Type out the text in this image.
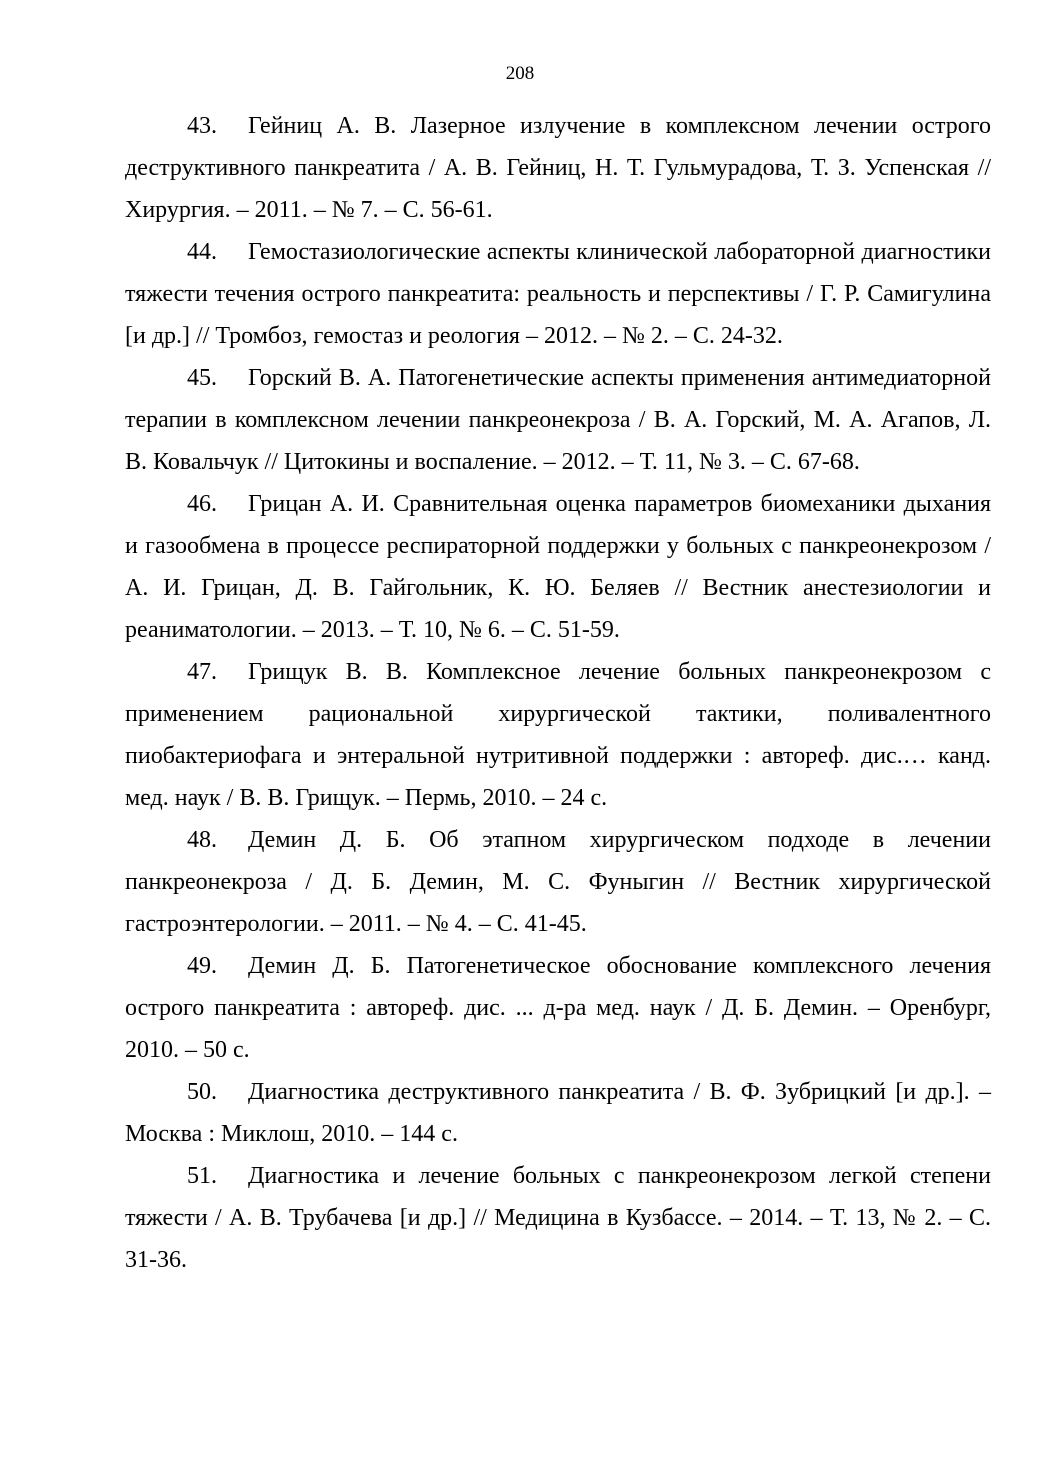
208

43. Гейниц А. В. Лазерное излучение в комплексном лечении острого деструктивного панкреатита / А. В. Гейниц, Н. Т. Гульмурадова, Т. З. Успенская // Хирургия. – 2011. – № 7. – С. 56-61.

44. Гемостазиологические аспекты клинической лабораторной диагностики тяжести течения острого панкреатита: реальность и перспективы / Г. Р. Самигулина [и др.] // Тромбоз, гемостаз и реология – 2012. – № 2. – С. 24-32.

45. Горский В. А. Патогенетические аспекты применения антимедиаторной терапии в комплексном лечении панкреонекроза / В. А. Горский, М. А. Агапов, Л. В. Ковальчук // Цитокины и воспаление. – 2012. – Т. 11, № 3. – С. 67-68.

46. Грицан А. И. Сравнительная оценка параметров биомеханики дыхания и газообмена в процессе респираторной поддержки у больных с панкреонекрозом / А. И. Грицан, Д. В. Гайгольник, К. Ю. Беляев // Вестник анестезиологии и реаниматологии. – 2013. – Т. 10, № 6. – С. 51-59.

47. Грищук В. В. Комплексное лечение больных панкреонекрозом с применением рациональной хирургической тактики, поливалентного пиобактериофага и энтеральной нутритивной поддержки : автореф. дис.… канд. мед. наук / В. В. Грищук. – Пермь, 2010. – 24 с.

48. Демин Д. Б. Об этапном хирургическом подходе в лечении панкреонекроза / Д. Б. Демин, М. С. Фуныгин // Вестник хирургической гастроэнтерологии. – 2011. – № 4. – С. 41-45.

49. Демин Д. Б. Патогенетическое обоснование комплексного лечения острого панкреатита : автореф. дис. ... д-ра мед. наук / Д. Б. Демин. – Оренбург, 2010. – 50 с.

50. Диагностика деструктивного панкреатита / В. Ф. Зубрицкий [и др.]. – Москва : Миклош, 2010. – 144 с.

51. Диагностика и лечение больных с панкреонекрозом легкой степени тяжести / А. В. Трубачева [и др.] // Медицина в Кузбассе. – 2014. – Т. 13, № 2. – С. 31-36.
